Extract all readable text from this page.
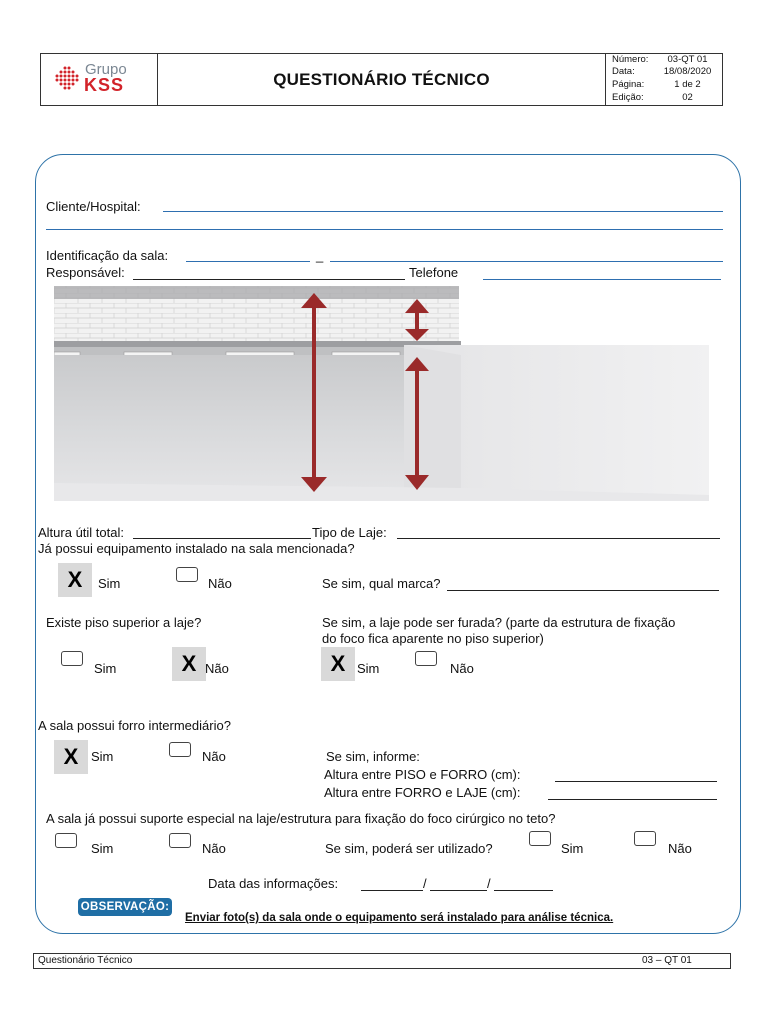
Grupo
KSS	QUESTIONÁRIO TÉCNICO
Número:	03-QT 01
Data:	18/08/2020
Página:	1 de 2
Edição:	02
Cliente/Hospital:
Identificação da sala:	_
Responsável:	Telefone
Altura útil total:	Tipo de Laje:
Já possui equipamento instalado na sala mencionada?
X	Sim	Não	Se sim, qual marca?
Existe piso superior a laje?
Sim	X Não
Se sim, a laje pode ser furada? (parte da estrutura de fixação
do foco fica aparente no piso superior)
X Sim	Não
A sala possui forro intermediário?
X Sim	Não	Se sim, informe:
Altura entre PISO e FORRO (cm):
Altura entre FORRO e LAJE (cm):
A sala já possui suporte especial na laje/estrutura para fixação do foco cirúrgico no teto?
Sim	Não	Se sim, poderá ser utilizado?	Sim	Não
Data das informações:	/	/
OBSERVAÇÃO:
Enviar foto(s) da sala onde o equipamento será instalado para análise técnica.
Questionário Técnico	03 – QT 01
